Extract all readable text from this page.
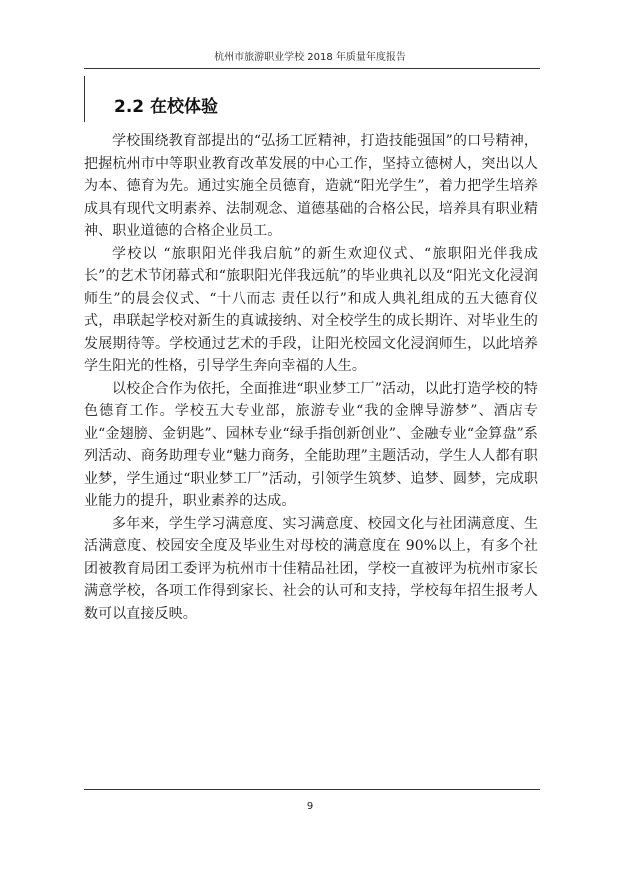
杭州市旅游职业学校 2018 年质量年度报告
2.2 在校体验

学校围绕教育部提出的“弘扬工匠精神，打造技能强国”的口号精神，把握杭州市中等职业教育改革发展的中心工作，坚持立德树人，突出以人为本、德育为先。通过实施全员德育，造就“阳光学生”，着力把学生培养成具有现代文明素养、法制观念、道德基础的合格公民，培养具有职业精神、职业道德的合格企业员工。

学校以 “旅职阳光伴我启航”的新生欢迎仪式、“旅职阳光伴我成长”的艺术节闭幕式和“旅职阳光伴我远航”的毕业典礼以及“阳光文化浸润师生”的晨会仪式、“十八而志 责任以行”和成人典礼组成的五大德育仪式，串联起学校对新生的真诚接纳、对全校学生的成长期许、对毕业生的发展期待等。学校通过艺术的手段，让阳光校园文化浸润师生，以此培养学生阳光的性格，引导学生奔向幸福的人生。

以校企合作为依托，全面推进“职业梦工厂”活动，以此打造学校的特色德育工作。学校五大专业部，旅游专业“我的金牌导游梦”、酒店专业“金翅膀、金钥匙”、园林专业“绿手指创新创业”、金融专业“金算盘”系列活动、商务助理专业“魅力商务，全能助理”主题活动，学生人人都有职业梦，学生通过“职业梦工厂”活动，引领学生筑梦、追梦、圆梦，完成职业能力的提升，职业素养的达成。

多年来，学生学习满意度、实习满意度、校园文化与社团满意度、生活满意度、校园安全度及毕业生对母校的满意度在 90%以上，有多个社团被教育局团工委评为杭州市十佳精品社团，学校一直被评为杭州市家长满意学校，各项工作得到家长、社会的认可和支持，学校每年招生报考人数可以直接反映。

9
